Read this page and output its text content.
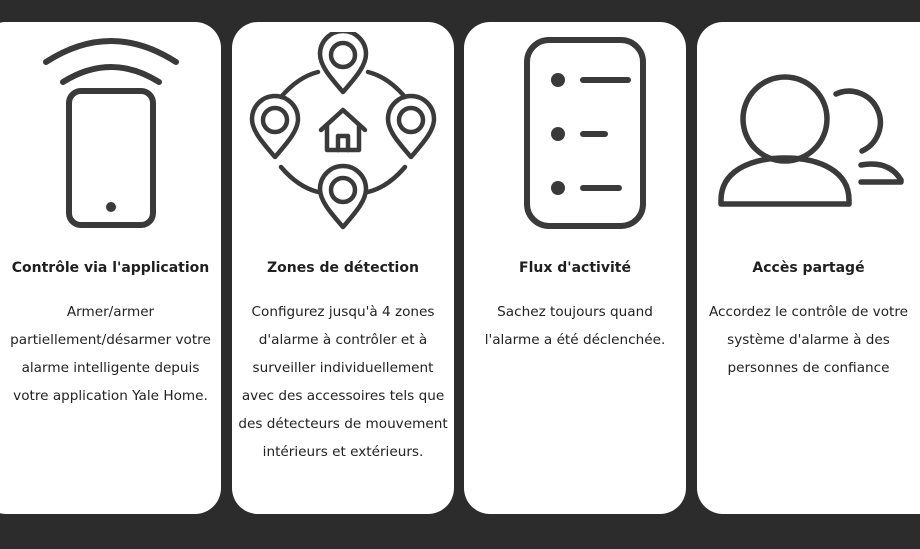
Contrôle via l'application
Armer/armer partiellement/désarmer votre alarme intelligente depuis votre application Yale Home.
Zones de détection
Configurez jusqu'à 4 zones d'alarme à contrôler et à surveiller individuellement avec des accessoires tels que des détecteurs de mouvement intérieurs et extérieurs.
Flux d'activité
Sachez toujours quand l'alarme a été déclenchée.
Accès partagé
Accordez le contrôle de votre système d'alarme à des personnes de confiance
